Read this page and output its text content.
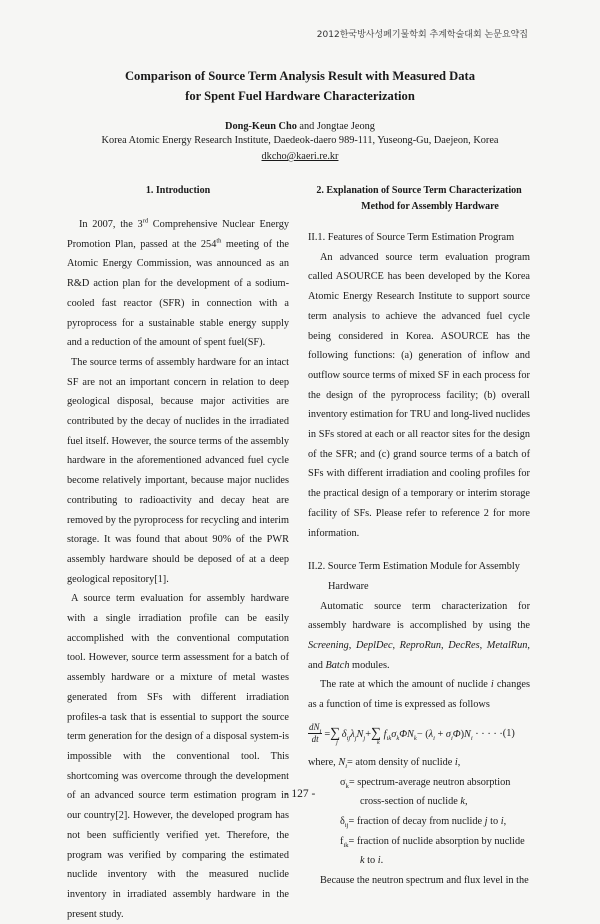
2012한국방사성폐기물학회 추계학술대회 논문요약집
Comparison of Source Term Analysis Result with Measured Data
for Spent Fuel Hardware Characterization
Dong-Keun Cho and Jongtae Jeong
Korea Atomic Energy Research Institute, Daedeok-daero 989-111, Yuseong-Gu, Daejeon, Korea
dkcho@kaeri.re.kr
1. Introduction

In 2007, the 3rd Comprehensive Nuclear Energy Promotion Plan, passed at the 254th meeting of the Atomic Energy Commission, was announced as an R&D action plan for the development of a sodium-cooled fast reactor (SFR) in connection with a pyroprocess for a sustainable stable energy supply and a reduction of the amount of spent fuel(SF).

The source terms of assembly hardware for an intact SF are not an important concern in relation to deep geological disposal, because major activities are contributed by the decay of nuclides in the irradiated fuel itself. However, the source terms of the assembly hardware in the aforementioned advanced fuel cycle become relatively important, because major nuclides contributing to radioactivity and decay heat are removed by the pyroprocess for recycling and interim storage. It was found that about 90% of the PWR assembly hardware should be deposed of at a deep geological repository[1].

A source term evaluation for assembly hardware with a single irradiation profile can be easily accomplished with the conventional computation tool. However, source term assessment for a batch of assembly hardware or a mixture of metal wastes generated from SFs with different irradiation profiles-a task that is essential to support the source term generation for the design of a disposal system-is impossible with the conventional tool. This shortcoming was overcome through the development of an advanced source term estimation program in our country[2]. However, the developed program has not been sufficiently verified yet. Therefore, the program was verified by comparing the estimated nuclide inventory with the measured nuclide inventory in irradiated assembly hardware in the present study.

2. Explanation of Source Term Characterization
Method for Assembly Hardware
II.1. Features of Source Term Estimation Program

An advanced source term evaluation program called ASOURCE has been developed by the Korea Atomic Energy Research Institute to support source term analysis to achieve the advanced fuel cycle being considered in Korea. ASOURCE has the following functions: (a) generation of inflow and outflow source terms of mixed SF in each process for the design of the pyroprocess facility; (b) overall inventory estimation for TRU and long-lived nuclides in SFs stored at each or all reactor sites for the design of the SFR; and (c) grand source terms of a batch of SFs with different irradiation and cooling profiles for the practical design of a temporary or interim storage facility of SFs. Please refer to reference 2 for more information.

II.2. Source Term Estimation Module for Assembly
Hardware

Automatic source term characterization for assembly hardware is accomplished by using the Screening, DeplDec, ReproRun, DecRes, MetalRun, and Batch modules.

The rate at which the amount of nuclide i changes as a function of time is expressed as follows

$\frac{dN_i}{dt} =\sum_j\delta_{ij}\lambda_jN_j+\sum_kf_{ik}\sigma_k\Phi N_k- (\lambda_i + \sigma_i\Phi)N_i$ · · · · · (1)
where, $N_i=$ atom density of nuclide i,
$\sigma_k=$ spectrum-average neutron absorption
cross-section of nuclide k,
$\delta_{ij}=$ fraction of decay from nuclide j to i,
$f_{ik}=$ fraction of nuclide absorption by nuclide
k to i.

Because the neutron spectrum and flux level in the

- 127 -
